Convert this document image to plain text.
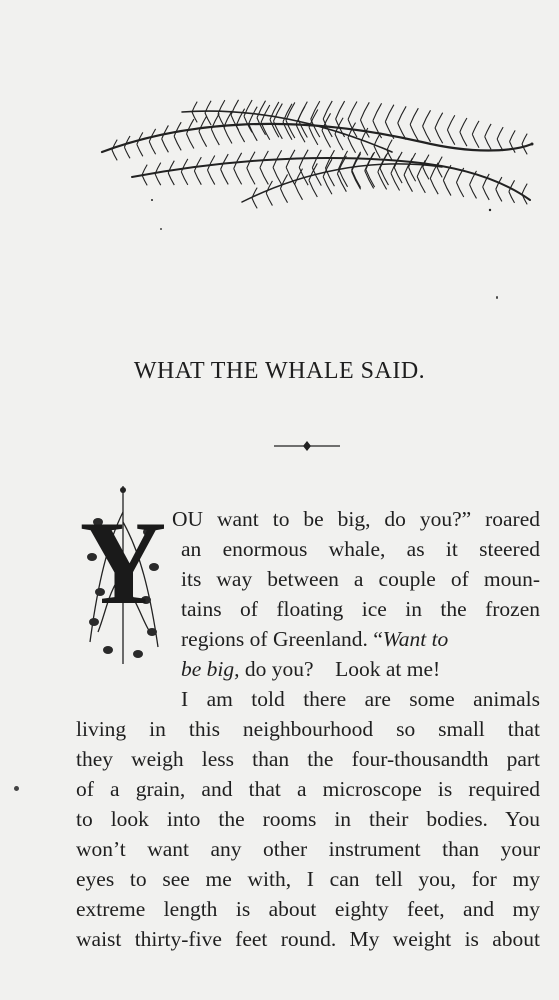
WHAT THE WHALE SAID.
Y OU want to be big, do you?” roared
an enormous whale, as it steered
its way between a couple of moun-
tains of floating ice in the frozen
regions of Greenland. “Want to
be big, do you?    Look at me!
I am told there are some animals
living in this neighbourhood so small that
they weigh less than the four-thousandth part
of a grain, and that a microscope is required
to look into the rooms in their bodies. You
won’t want any other instrument than your
eyes to see me with, I can tell you, for my
extreme length is about eighty feet, and my
waist thirty-five feet round. My weight is about
